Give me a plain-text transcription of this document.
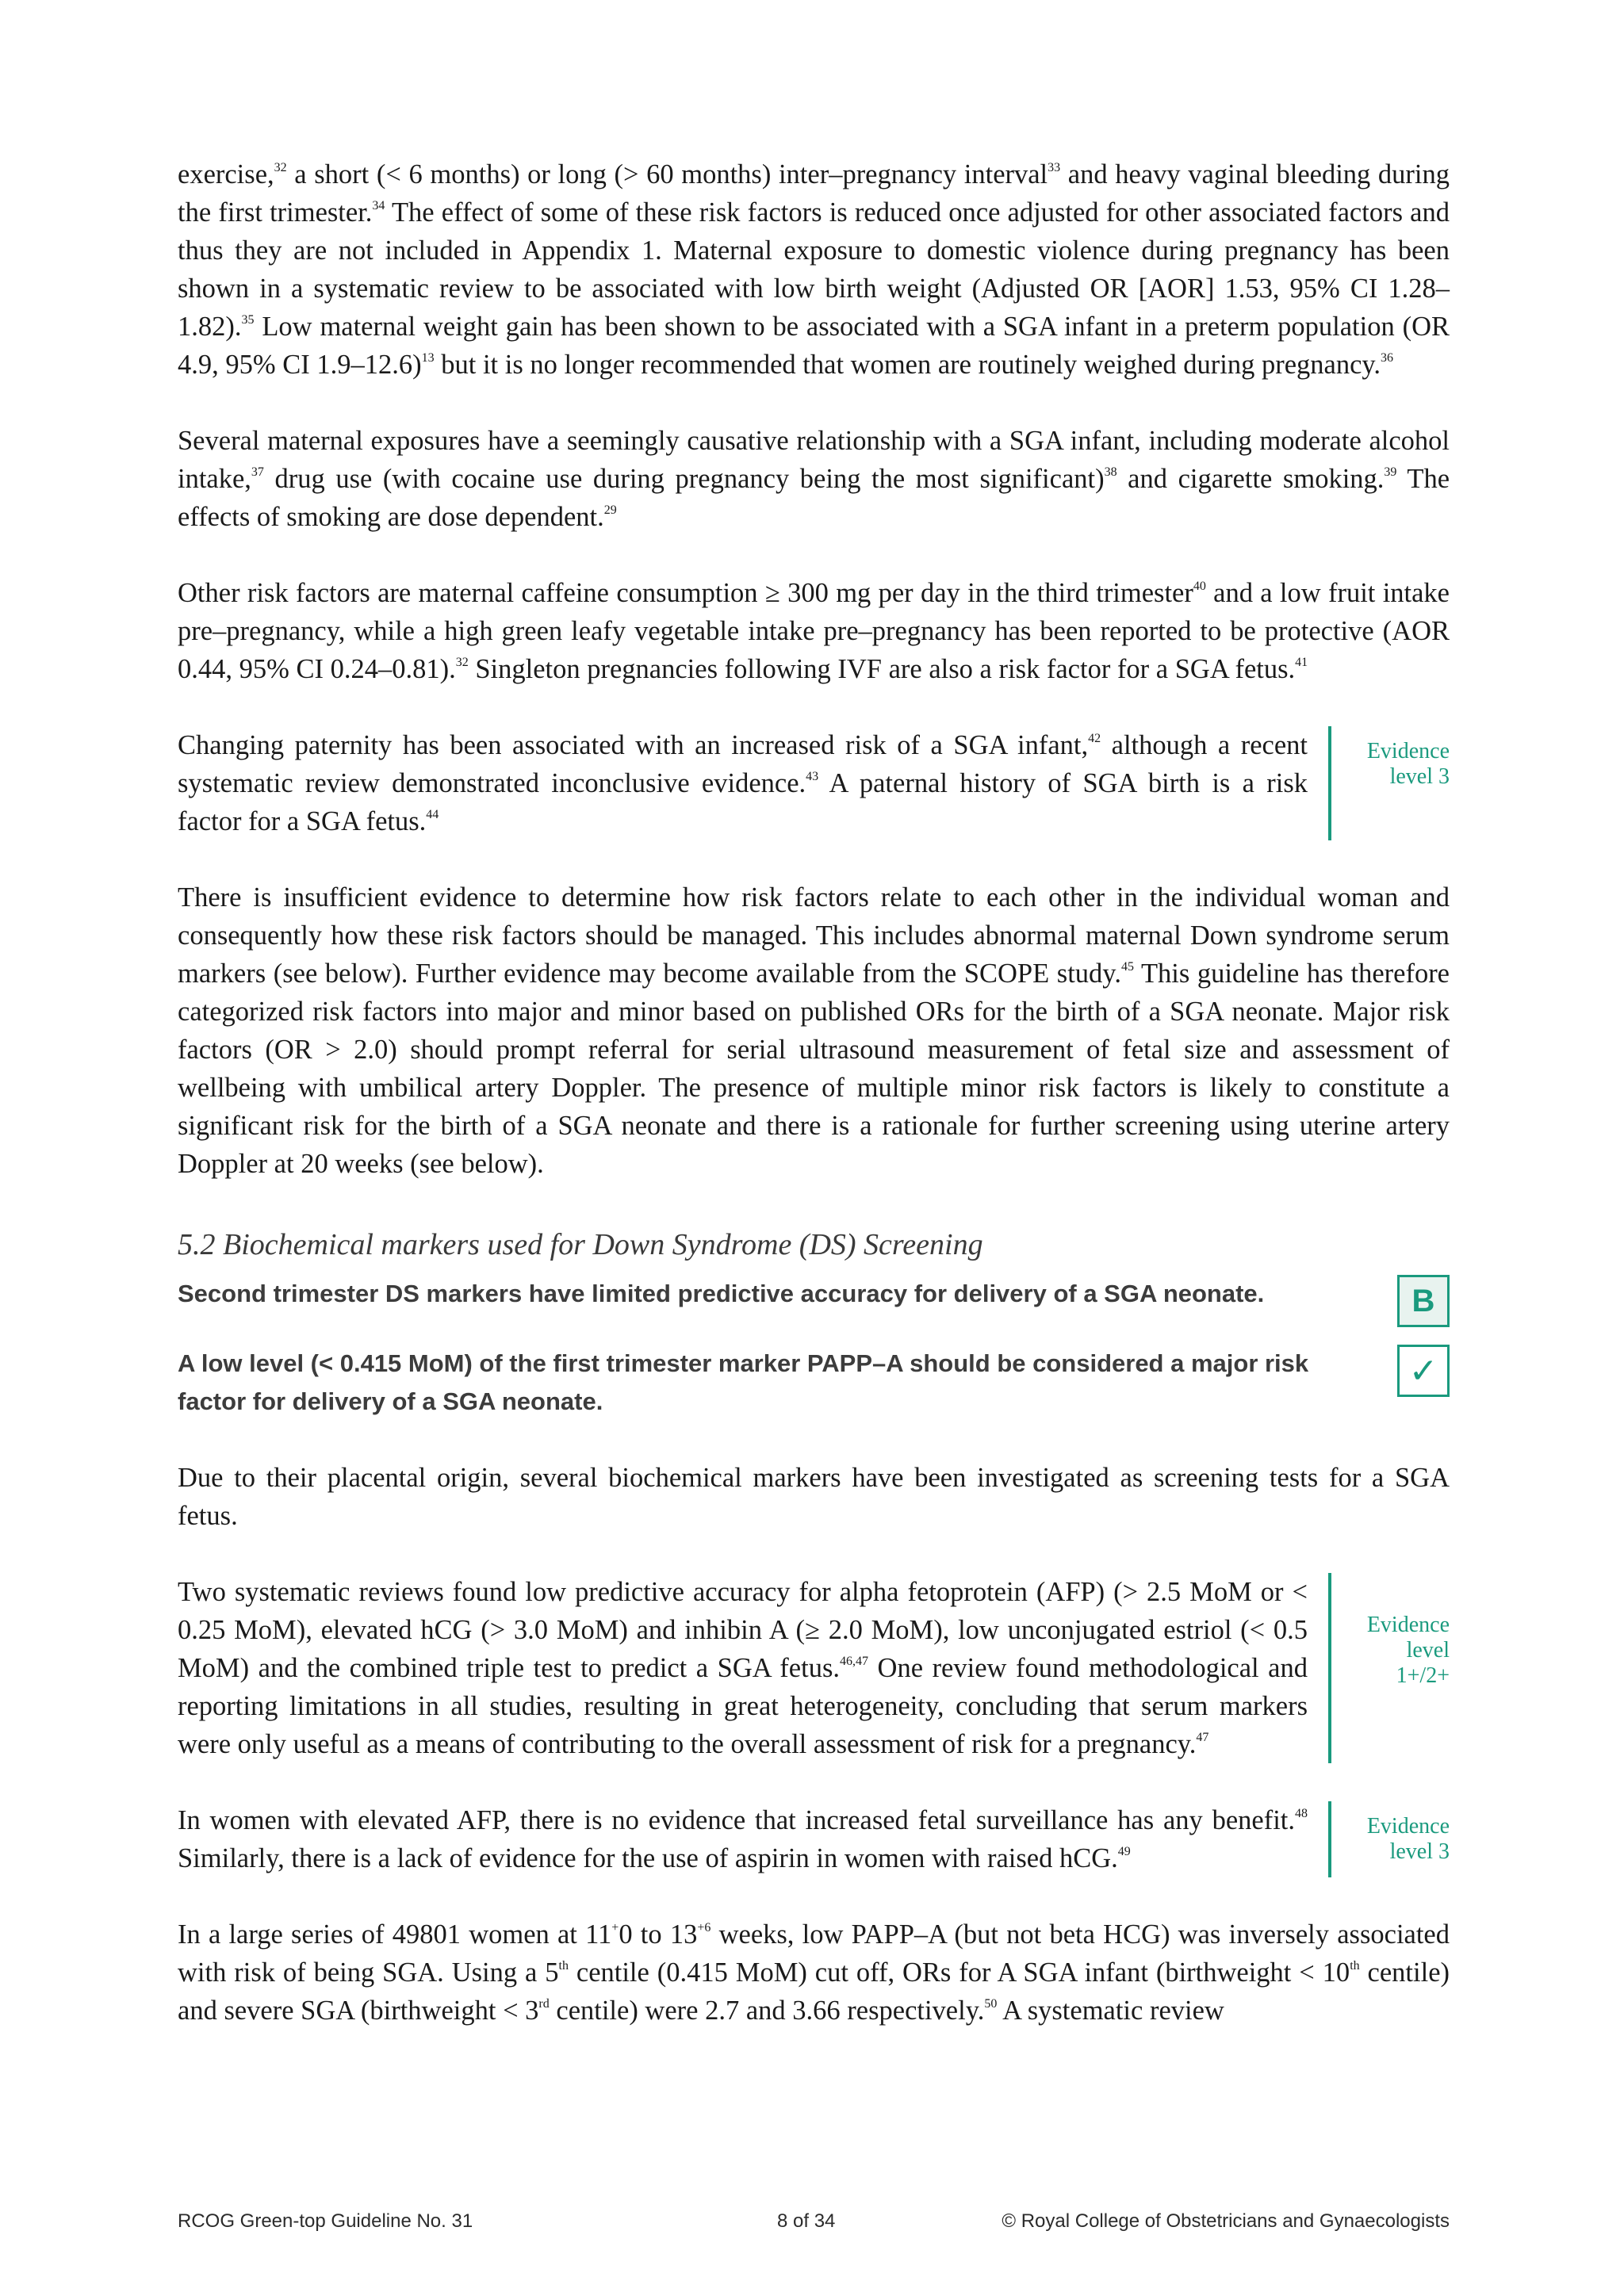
exercise,$^{32}$ a short (< 6 months) or long (> 60 months) inter–pregnancy interval$^{33}$ and heavy vaginal bleeding during the first trimester.$^{34}$ The effect of some of these risk factors is reduced once adjusted for other associated factors and thus they are not included in Appendix 1. Maternal exposure to domestic violence during pregnancy has been shown in a systematic review to be associated with low birth weight (Adjusted OR [AOR] 1.53, 95% CI 1.28–1.82).$^{35}$ Low maternal weight gain has been shown to be associated with a SGA infant in a preterm population (OR 4.9, 95% CI 1.9–12.6)$^{13}$ but it is no longer recommended that women are routinely weighed during pregnancy.$^{36}$

Several maternal exposures have a seemingly causative relationship with a SGA infant, including moderate alcohol intake,$^{37}$ drug use (with cocaine use during pregnancy being the most significant)$^{38}$ and cigarette smoking.$^{39}$ The effects of smoking are dose dependent.$^{29}$

Other risk factors are maternal caffeine consumption ≥ 300 mg per day in the third trimester$^{40}$ and a low fruit intake pre–pregnancy, while a high green leafy vegetable intake pre–pregnancy has been reported to be protective (AOR 0.44, 95% CI 0.24–0.81).$^{32}$ Singleton pregnancies following IVF are also a risk factor for a SGA fetus.$^{41}$

Changing paternity has been associated with an increased risk of a SGA infant,$^{42}$ although a recent systematic review demonstrated inconclusive evidence.$^{43}$ A paternal history of SGA birth is a risk factor for a SGA fetus.$^{44}$

Evidence
level 3

There is insufficient evidence to determine how risk factors relate to each other in the individual woman and consequently how these risk factors should be managed. This includes abnormal maternal Down syndrome serum markers (see below). Further evidence may become available from the SCOPE study.$^{45}$ This guideline has therefore categorized risk factors into major and minor based on published ORs for the birth of a SGA neonate. Major risk factors (OR > 2.0) should prompt referral for serial ultrasound measurement of fetal size and assessment of wellbeing with umbilical artery Doppler. The presence of multiple minor risk factors is likely to constitute a significant risk for the birth of a SGA neonate and there is a rationale for further screening using uterine artery Doppler at 20 weeks (see below).

5.2 Biochemical markers used for Down Syndrome (DS) Screening
Second trimester DS markers have limited predictive accuracy for delivery of a SGA neonate.	B
A low level (< 0.415 MoM) of the first trimester marker PAPP–A should be considered a major risk factor for delivery of a SGA neonate.
✓

Due to their placental origin, several biochemical markers have been investigated as screening tests for a SGA fetus.

Two systematic reviews found low predictive accuracy for alpha fetoprotein (AFP) (> 2.5 MoM or < 0.25 MoM), elevated hCG (> 3.0 MoM) and inhibin A (≥ 2.0 MoM), low unconjugated estriol (< 0.5 MoM) and the combined triple test to predict a SGA fetus.$^{46,47}$ One review found methodological and reporting limitations in all studies, resulting in great heterogeneity, concluding that serum markers were only useful as a means of contributing to the overall assessment of risk for a pregnancy.$^{47}$

Evidence
level
1+/2+

In women with elevated AFP, there is no evidence that increased fetal surveillance has any benefit.$^{48}$ Similarly, there is a lack of evidence for the use of aspirin in women with raised hCG.$^{49}$

Evidence
level 3

In a large series of 49801 women at 11+0 to $13^{+6}$ weeks, low PAPP–A (but not beta HCG) was inversely associated with risk of being SGA. Using a 5th centile (0.415 MoM) cut off, ORs for A SGA infant (birthweight < 10th centile) and severe SGA (birthweight < 3rd centile) were 2.7 and 3.66 respectively.$^{50}$ A systematic review

RCOG Green-top Guideline No. 31	8 of 34	© Royal College of Obstetricians and Gynaecologists
